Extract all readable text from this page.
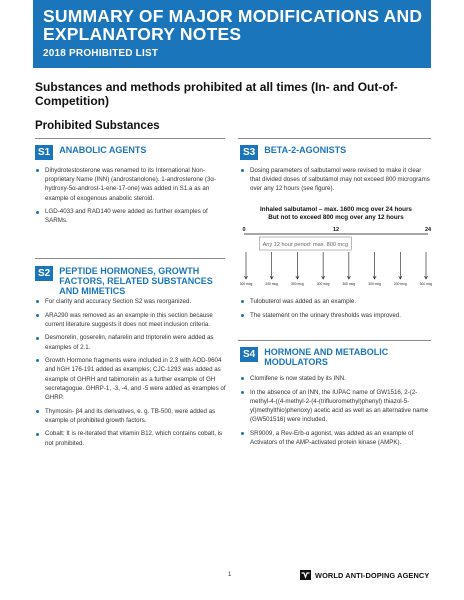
SUMMARY OF MAJOR MODIFICATIONS AND EXPLANATORY NOTES
2018 PROHIBITED LIST
Substances and methods prohibited at all times (In- and Out-of-Competition)
Prohibited Substances
S1	ANABOLIC AGENTS
Dihydrotestosterone was renamed to its International Non-proprietary Name (INN) (androstanolone). 1-androsterone (3α-hydroxy-5α-androst-1-ene-17-one) was added in S1.a as an example of exogenous anabolic steroid.
LGD-4033 and RAD140 were added as further examples of SARMs.
S2	PEPTIDE HORMONES, GROWTH FACTORS, RELATED SUBSTANCES AND MIMETICS
For clarity and accuracy Section S2 was reorganized.
ARA290 was removed as an example in this section because current literature suggests it does not meet inclusion criteria.
Desmorelin, goserelin, nafarelin and triptorelin were added as examples of 2.1.
Growth Hormone fragments were included in 2.3 with AOD-9604 and hGH 176-191 added as examples; CJC-1293 was added as example of GHRH and tabimorelin as a further example of GH secretagogue. GHRP-1, -3, -4, and -5 were added as examples of GHRP.
Thymosin- β4 and its derivatives, e. g. TB-500, were added as example of prohibited growth factors.
Cobalt: It is re-iterated that vitamin B12, which contains cobalt, is not prohibited.
S3	BETA-2-AGONISTS
Dosing parameters of salbutamol were revised to make it clear that divided doses of salbutamol may not exceed 800 micrograms over any 12 hours (see figure).
Inhaled salbutamol – max. 1600 mcg over 24 hours
But not to exceed 800 mcg over any 12 hours
0	12	24
Any 12 hour period: max. 800 mcg
300 mcg	200 mcg	300 mcg	300 mcg	300 mcg	300 mcg	200 mcg	300 mcg
Tulobuterol was added as an example.
The statement on the urinary thresholds was improved.
S4	HORMONE AND METABOLIC MODULATORS
Clomifene is now stated by its INN.
In the absence of an INN, the IUPAC name of GW1516, 2-(2-methyl-4-((4-methyl-2-(4-(trifluoromethyl)phenyl) thiazol-5-yl)methylthio)phenoxy) acetic acid as well as an alternative name (GW501516) were included.
SR9009, a Rev-Erb-α agonist, was added as an example of Activators of the AMP-activated protein kinase (AMPK).
1	WORLD ANTI-DOPING AGENCY
